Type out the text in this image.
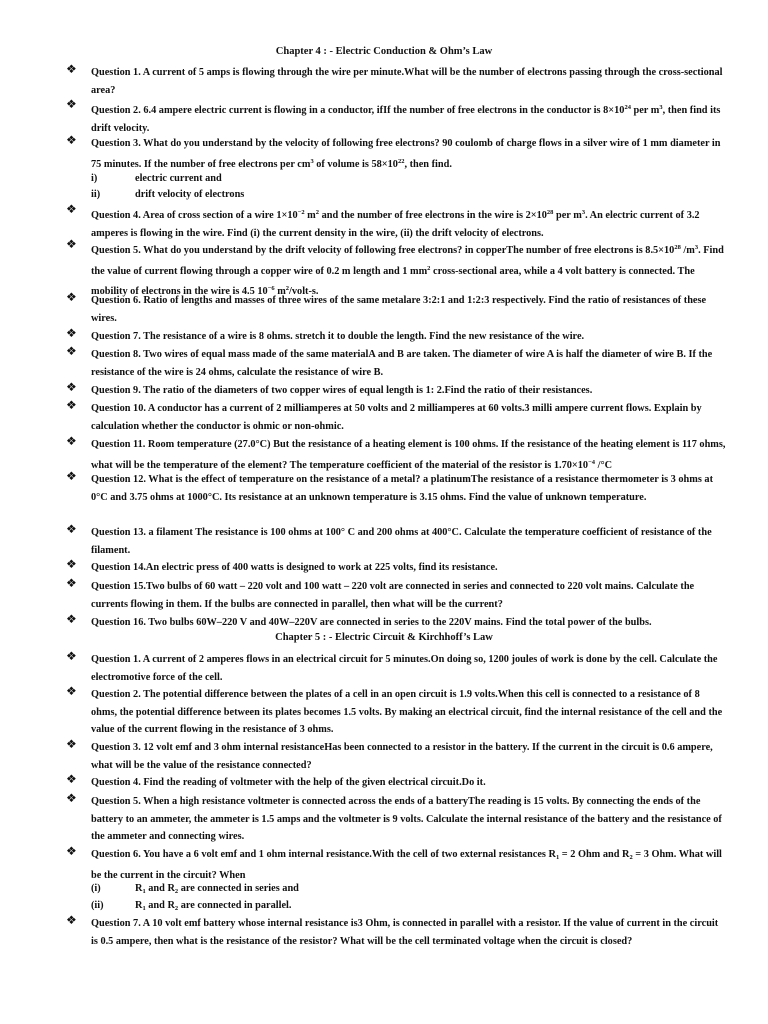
Chapter 4 : - Electric Conduction & Ohm’s Law
❖ Question 1. A current of 5 amps is flowing through the wire per minute.What will be the number of electrons passing through the cross-sectional area?
❖ Question 2. 6.4 ampere electric current is flowing in a conductor, ifIf the number of free electrons in the conductor is $8\times 10^{24}$ per $m^3$, then find its drift velocity.
❖ Question 3. What do you understand by the velocity of following free electrons? 90 coulomb of charge flows in a silver wire of 1 mm diameter in 75 minutes. If the number of free electrons per $cm^3$ of volume is $58\times 10^{22}$, then find.
i)	electric current and
ii)	drift velocity of electrons
❖ Question 4. Area of cross section of a wire $1\times 10^{-2}$ $m^2$ and the number of free electrons in the wire is $2\times 10^{28}$ per $m^3$. An electric current of 3.2 amperes is flowing in the wire. Find (i) the current density in the wire, (ii) the drift velocity of electrons.
❖ Question 5. What do you understand by the drift velocity of following free electrons? in copperThe number of free electrons is $8.5\times 10^{28}$ $/m^3$. Find the value of current flowing through a copper wire of 0.2 m length and 1 $mm^2$ cross-sectional area, while a 4 volt battery is connected. The mobility of electrons in the wire is 4.5 $10^{-6}$ $m^2/volt-s$.
❖ Question 6. Ratio of lengths and masses of three wires of the same metalare 3:2:1 and 1:2:3 respectively. Find the ratio of resistances of these wires.
❖ Question 7. The resistance of a wire is 8 ohms. stretch it to double the length. Find the new resistance of the wire.
❖ Question 8. Two wires of equal mass made of the same materialA and B are taken. The diameter of wire A is half the diameter of wire B. If the resistance of the wire is 24 ohms, calculate the resistance of wire B.
❖ Question 9. The ratio of the diameters of two copper wires of equal length is 1: 2.Find the ratio of their resistances.
❖ Question 10. A conductor has a current of 2 milliamperes at 50 volts and 2 milliamperes at 60 volts.3 milli ampere current flows. Explain by calculation whether the conductor is ohmic or non-ohmic.
❖ Question 11. Room temperature (27.0°C) But the resistance of a heating element is 100 ohms. If the resistance of the heating element is 117 ohms, what will be the temperature of the element? The temperature coefficient of the material of the resistor is $1.70\times 10^{-4}$ /°C
❖ Question 12. What is the effect of temperature on the resistance of a metal? a platinumThe resistance of a resistance thermometer is 3 ohms at 0°C and 3.75 ohms at 1000°C. Its resistance at an unknown temperature is 3.15 ohms. Find the value of unknown temperature.
❖ Question 13. a filament The resistance is 100 ohms at 100° C and 200 ohms at 400°C. Calculate the temperature coefficient of resistance of the filament.
❖ Question 14.An electric press of 400 watts is designed to work at 225 volts, find its resistance.
❖ Question 15.Two bulbs of 60 watt – 220 volt and 100 watt – 220 volt are connected in series and connected to 220 volt mains. Calculate the currents flowing in them. If the bulbs are connected in parallel, then what will be the current?
❖ Question 16. Two bulbs 60W–220 V and 40W–220V are connected in series to the 220V mains. Find the total power of the bulbs.
Chapter 5 : - Electric Circuit & Kirchhoff’s Law
❖ Question 1. A current of 2 amperes flows in an electrical circuit for 5 minutes.On doing so, 1200 joules of work is done by the cell. Calculate the electromotive force of the cell.
❖ Question 2. The potential difference between the plates of a cell in an open circuit is 1.9 volts.When this cell is connected to a resistance of 8 ohms, the potential difference between its plates becomes 1.5 volts. By making an electrical circuit, find the internal resistance of the cell and the value of the current flowing in the resistance of 3 ohms.
❖ Question 3. 12 volt emf and 3 ohm internal resistanceHas been connected to a resistor in the battery. If the current in the circuit is 0.6 ampere, what will be the value of the resistance connected?
❖ Question 4. Find the reading of voltmeter with the help of the given electrical circuit.Do it.
❖ Question 5. When a high resistance voltmeter is connected across the ends of a batteryThe reading is 15 volts. By connecting the ends of the battery to an ammeter, the ammeter is 1.5 amps and the voltmeter is 9 volts. Calculate the internal resistance of the battery and the resistance of the ammeter and connecting wires.
❖ Question 6. You have a 6 volt emf and 1 ohm internal resistance.With the cell of two external resistances $R_1 = 2$ Ohm and $R_2 = 3$ Ohm. What will be the current in the circuit? When
(i)	$R_1$ and $R_2$ are connected in series and
(ii)	$R_1$ and $R_2$ are connected in parallel.
❖ Question 7. A 10 volt emf battery whose internal resistance is3 Ohm, is connected in parallel with a resistor. If the value of current in the circuit is 0.5 ampere, then what is the resistance of the resistor? What will be the cell terminated voltage when the circuit is closed?
